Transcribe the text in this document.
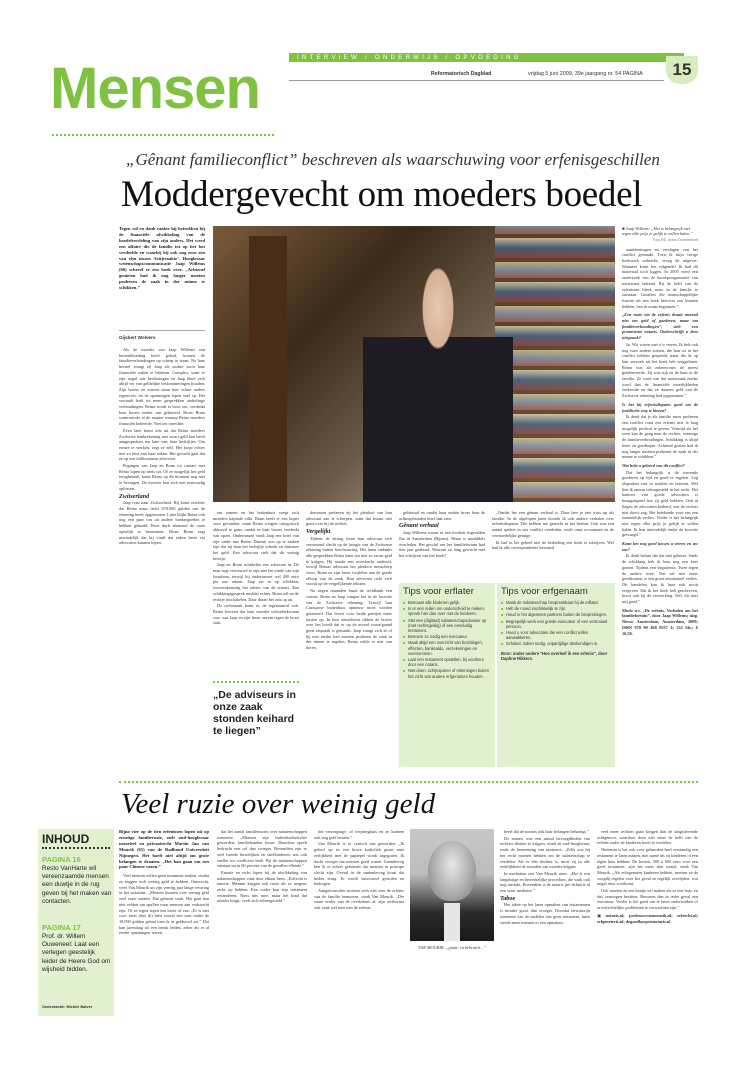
INTERVIEW / ONDERWIJS / OPVOEDING
Mensen	Reformatorisch Dagblad	vrijdag 5 juni 2009, 39e jaargang nr. 54 PAGINA 15
„Gênant familieconflict” beschreven als waarschuwing voor erfenisgeschillen
Moddergevecht om moeders boedel
Tegen wil en dank raakte hij betrokken bij de financiële afwikkeling van de boedelverdeling van zijn ouders. Het werd een affaire die de familie tot op het bot verdeelde en waarbij hij ook nog eens een van zijn nissen ‘feitjtraakte’. Hoogleraar wetenschapscommunicatie Jaap Willems (66) schreef er een boek over. „Achteraf genieten had ik nog langer moeten proberen de zaak in der minne te schikken.”
Gijsbert Wolvers

Als de moeder van Jaap Willems een hersenbloeding heeft gehad, komen de familieverhoudingen op scherp te staan. Na haar herstel vraagt zij Jaap als oudste zoon haar financiële zaken te beheren. Complex, want er zijn nogal wat beslissingen en Jaap bleef zich altijd ver van geldelijke beslommeringen houden. Zijn broers en zussen staan hier echter anders tegenover, en de spanningen lopen snel op. Het verraadt leidt tot meer gesprekken onderlinge verhoudingen. Reina wordt er boos om, verdenkt haar broers eerder van geknoeid. Broer Bram wantrouwde al de manier waarop Reina moeders financiën beheerde. Niet ten onrechte.

Even later komt ook uit dat Reina moeders Zwitserse bankrekening met zwart geld ken heeft aangesproken ten bate van haar bedrijfjes. Om ermee te werken, zegt ze zelf. Het loopt echter niet zo best met haar zaken. Het gerucht gaat dat ze op een faillissement afstevent.

Pogingen van Jaap en Bram tot contact met Reina lopen op niets uit. Of ze mogelijk het geld terugbetaalt, komt Reina op dit moment nog niet te bevragen. De kwestie laat zich niet eenvoudig oplossen.

Zwitserland

Jaap reist naar Zwitserland. Hij komt erachter dat Reina maar liefst 678.000 gulden van de rekening heeft opgenomen. Later blijkt Reina ook nog een paar ton uit andere banktegoeden te hebben gehaald. Eerst durft niemand de ruzie openlijk te benoemen. Broer Bram zegt uiteindelijk dat hij vindt dat zaken beter via advocaten kunnen lopen.

ten tonnen en het buitenhuis voegt zich moeders kapitale villa. Bram heeft er een koper voor gevonden, maar Reina weigert categorisch akkoord te gaan, omdat ze haar broers verdenkt van opzet. Ondertussen vindt Jaap een brief van zijn vader aan Reina. Daaruit zou op te maken zijn dat hij haar het bedrijfje schonk en daarmee het geld. Een advocaat stelt dat dit weinig bewijst.

Jaap en Bram schakelen een advocaat in. De man zegt vertrouwd te zijn met het einde van zijn loopbaan, terwijl hij ondertussen wel 400 euro per uur rekent. Jaap zet in op schikken, overeenkomstig het advies van de notaris. Een schikkingsgesprek mislukt echter. Bram wil nu de rechter inschakelen. Daar draait het ook op uit.

De rechtszaak komt er, de tegenaanval ook. Reina beweert dat haar moeder wilsonbekwaam was, wat Jaap en zijn broer onrein tegen de borst stuit.

„De adviseurs in onze zaak stonden keihard te liegen”

dertussen proberen zij het pleidooi van hun advocaat aan te scherpen, want dat kwam niet goed over bij de rechter.

Vergelijkt

Tijdens de zitting toont hun advocaat zich verrassend slecht op de hoogte van de Zwitserse rekening buiten beschouwing. Het laten ondanks alle gesprekken Reina kans om niet zo zwart geld te krijgen. Hij maakt een overdracht onderuit, terwijl Reinas advocaat het pleidooi messcherp voert. Bram en zijn broer twijfelen aan de goede afloop van de zaak. Hun advocaat richt zich vooral op de vergelijkende teksten.

Na negen maanden baart de rechtbank een vonnis. Bram en Jaap vangen het in de kwestie van de Zwitserse rekening. Terwijl hun Curaçaose buitenhuis opnieuw moet worden getaxeerd. Dat levert voor beide partijen meer kosten op. In hun ontsteltenis tikken de broers over het hoofd dat er op de avond voorafgaand geen afspraak is gemaakt. Jaap vraagt zich af of hij niet eerder had moeten proberen de zaak in der minne te regelen. Reina wilde er niet van horen.

geldnood en omdat haar oudste broer haar de achtergehouden brief laat zien.

Gênant verhaal

Jaap Willems woont in een modern fogevallen flat in Amsterdam (Bijnen). Reina is inmiddels overleden. Het geschil om het familiefortuin had tien jaar geduurd. Waarom zo lang gewacht met het schrijven van het boek?

„Omdat het een gênant verhaal is. Daar ben je niet trots op als familie. In de afgelopen jaren hoorde ik ook andere verhalen over erfenisdisputen. Die hebben me gesterkt in het besluit. Ook was een aantal spelers in ons conflict overleden, zoals onze accountant en de vermoedelijke getuige.

Ik had in het geheel niet de bedoeling een boek te schrijven. Wel had ik alle correspondentie bewaard.

Tips voor erflater
■ Betrouwt alle kinderen gelijk.
■ Is er een reden om onderscheid te maken, spreek hier dan over met de kinderen.
■ Stel een (digitaal) nalatenschapsdossier op (met rechtsgeldig) of een eenduidig testament.
■ Benoem zo nodig een executeur.
■ Maak altijd een overzicht van bezittingen, effecten, banksaldo, verzekeringen en oversommen.
■ Laat een testament opstellen, bij voorkeur door een notaris.
■ Niet doen: schijnsparen of rekeningen buiten het zicht van andere erfgenamen houden.
Tips voor erfgenaam
■ Maak de nalatenschap bespreekbaar bij de erflater.
■ Heb de moed inschikkelijk te zijn.
■ Houd in het algemeen partners buiten de besprekingen.
■ Begrepelijk werk een goede executeur of een vertrouwd persoon.
■ Hoed u voor advocaten die een conflict willen aanwakkeren.
■ Schakel, indien nodig, onpartijdige deskundigen in.
Bron: onder andere "Hoe overleef ik een erfenis", door Daphne Rikkers.
■ Jaap Willems: „Het is belangrijk niet tegen elke prijs je gelijk te willen halen.”
Foto RD, Anton Dommerholt

aantekeningen en verslagen van het conflict gemaakt. Toen ik mijn vorige boekwerk uitbracht, vroeg de uitgever: Wanneer komt het volgende? Ik had dit materiaal toch liggen. In 2005 werd een onderzoek van de beroepsorganisatie van notarissen bekend. Bij de helft van de erfenissen bleek ruzie in de familie te ontstaan. Getallen die maatschappelijke functie als een boek hierover zou kunnen hebben, ben ik eraan begonnen.”

„Een ruzie om de erfenis draait meestal niet om geld of goederen, maar om familieverhoudingen”, stelt een prominente notaris. Onderschrijft u deze uitspraak?

Ja. Wij waren met z’n vieren. Ik heb ook nog twee andere zussen, die hun rol in het conflict hebben gespeeld, maar die ik op hun verzoek uit het boek heb weggelaten. Reina was als zakenvrouw de meest getalenteerde. Zij was rijk en de baas in de familie. Ze vond van dat motorzaak eerder werd dan de financiële moeilijkheden verkeerde en dat ze daarom geld van de Zwitserse rekening had opgenomen.”

Is het bij erfenisdisputes goed om de juridische weg te kiezen?

Ik denk dat je als familie moet proberen een conflict rond een erfenis niet te laag mogelijk proficaf te geven. Vermijd als het even kan de gang naar de rechter, vanwege de familieverhoudingen. Schikking is altijd beter en goedkoper. Achteraf gezien had ik nog langer moeten proberen de zaak in der minne te schikken.”

Wat hebt u geleerd van dit conflict?

Dat het belangrijk is de roerende goederen op tijd en goed te regelen. Leg afspraken vast in notulen en brieven. Wel ben ik enorm teleurgesteld in het recht. Het kantoor van goede advocaten is beangstigend hoe zij geld hebben. Ook al liegen de advocaten keihard, wat de rechter niet direct zag. Het betekende voor ons een aanzienlijk verlies. Verder is het belangrijk niet tegen elke prijs je gelijk te willen halen. Ik ben uiteindelijk onder de kwestie gevraagd.”

Komt het nog goed tussen u vieren en uw zus?

Ik denk helaas dat dat niet gebeurt. Sinds de schikking heb ik haar nog een keer gezien. Tijdens een begrafenis. Twee tegen de andere twee. Dat zal niet meer goedkomen, is een groot emotioneel verlies. Dit handelen kan ik haar ook nooit vergeven. Dat ik het boek heb geschreven, hoort ook bij de verwerking. Wel, dit doet mij goed.”

Modo n.v. „De erfenis. Verhalen om het familiefortuin”, door Jaap Willems; uitg. Nieuw Amsterdam, Amsterdam, 2009; ISBN 978 90 468 0537 4; 232 blz.; € 16,50.

Veel ruzie over weinig geld
INHOUD
PAGINA 16
Resto VanHarte wil vereenzaamde mensen een duwtje in de rug geven bij het maken van contacten.
PAGINA 17
Prof. dr. Willem Ouweneel: Laat een verlegen geestelijk leider de Heere God om wijsheid bidden.
Onderdactie: Michiel Batver
Bijna vier op de tien erfenissen lopen uit op ernstige familieruzie, stelt oud-hoogleraar notarieel en privaatrecht Martin Jan van Mourik (65) van de Radboud Universiteit Nijmegen. Het hoeft niet altijd om grote belangen te draaien. „Het kan gaan om een paar Chinese vazen.”

Veel mensen willen geen testament maken, omdat ze zeggen toch weinig geld te hebben. Onterecht, weet Van Mourik uit zijn veertig jaar lange ervaring in het notariaat. „Mensen kunnen over weinig geld veel ruzie maken. Dat gebeurt vaak. Het gaat dan niet zelden om spullen waar mensen aan verknocht zijn. Of ze tegen tegen een broer of zus. „Er is niet voor niets (dus ik) hebt vooral een som onder de 10.000 gulden gehad toen ik in geldnood zat.” Dat kan jarenlang tot een breuk leiden, zeker als er al eerder spanningen waren.

dat het aantal familieruzies over nalatenschappen toeneemt. „Mensen zijn individualistischer geworden; familiebanden losser. Daardoor speelt bedrucht een rol dan vroeger. Bovendien zijn er veel tweede huwelijken en stiefkinderen, wat ook sneller tot conflicten leidt. Bij de nalatenschappen ontstaat nu in 60 procent van de gevallen ellende.”

Emotie en recht lopen bij de afwikkeling van nalatenschappen vaak door elkaar heen. „Erfrecht is emotie. Mensen krijgen ook ruzie als ze nergens recht op hebben. Een ouder kan zijn testament veranderen. Niets mis mee, maar het kind dat minder krijgt, voelt zich achtergesteld.”

het verzorgings- of verpleeghuis en ze kunnen ook nog geld beuren.”

Van Mourik is er cynisch van geworden. „Ik geloof op zo een brave katholiek gezin naar eerlijkheid met de paplepel wordt ingegoten. Ik dacht vroeger dat mensen goed waren. Gaandeweg ben ik er achter gekomen dat mensen in principe slecht zijn. Overal in de samenleving komt dat heden terug. Er wordt structureel gestolen en bedrogen.

Aangetrouwden moeten zich niet met de erfenis van de familie bemoeien, vindt Van Mourik. „Die staan verder van de overledene af, zijn weliswaar ook vaak wel mee met de erfenis.

VAN MOURIK: „gnuit- en bebraich...”

heeft dat de notaris ook haar belangen behartigt.”

De notaris was een aantal bevoegdheden van rechters dienen te krijgen, vindt de oud-hoogleraar, zoals de benoeming van taxateurs. „Zelfs zou hij het recht moeten hebben om de nalatenschap te verdelen. Als er één dochter is, moet zij in alle redelijkheid de sieraden van moeder krijgen.

In mediation ziet Van Mourik niets. „Het is een langdurige en bewerkelijke procedure, die vaak ook nog mislukt. Bovendien is de notaris per definitie al een soort mediator.”

Taboe

Het taboe op het laten opmaken van testamenten is minder groot dan vroeger. Doordat bewustzijn toeneemt van de nadelen van geen testament, laten steeds meer mensen er een opmaken.

veel meer rechten gaan krijgen dan de langstlevende echtgenoot, waardoor deze niet meer de helft van de erfenis onder de kinderen hoeft te verdelen.

Nietemin is het ook voor gehuwden heel verstandig een testament te laten maken, met name als zij kinderen of een eigen huis hebben. De kosten, 500 à 600 euro voor een goed testament, zijn het meer dan waard, vindt Van Mourik. „Als echtgenoten kinderen hebben, moeten ze de voogdij regelen voor het geval ze tegelijk overlijden, wat nogal eens voorkomt.

Ook moeten ze een kantje wil maken als ze een huis, en dus vermogen bezitten. Bewaren dan in ieder geval een executeur. Verder is het goed om te laten onderzoeken of er erfrechtelijke problemen te verwachten zijn.”

▣ notaris.nl; professorvanmourik.nl; erfrecht.nl; erfgeneteris.nl; degoedkoopstenotaris.nl
